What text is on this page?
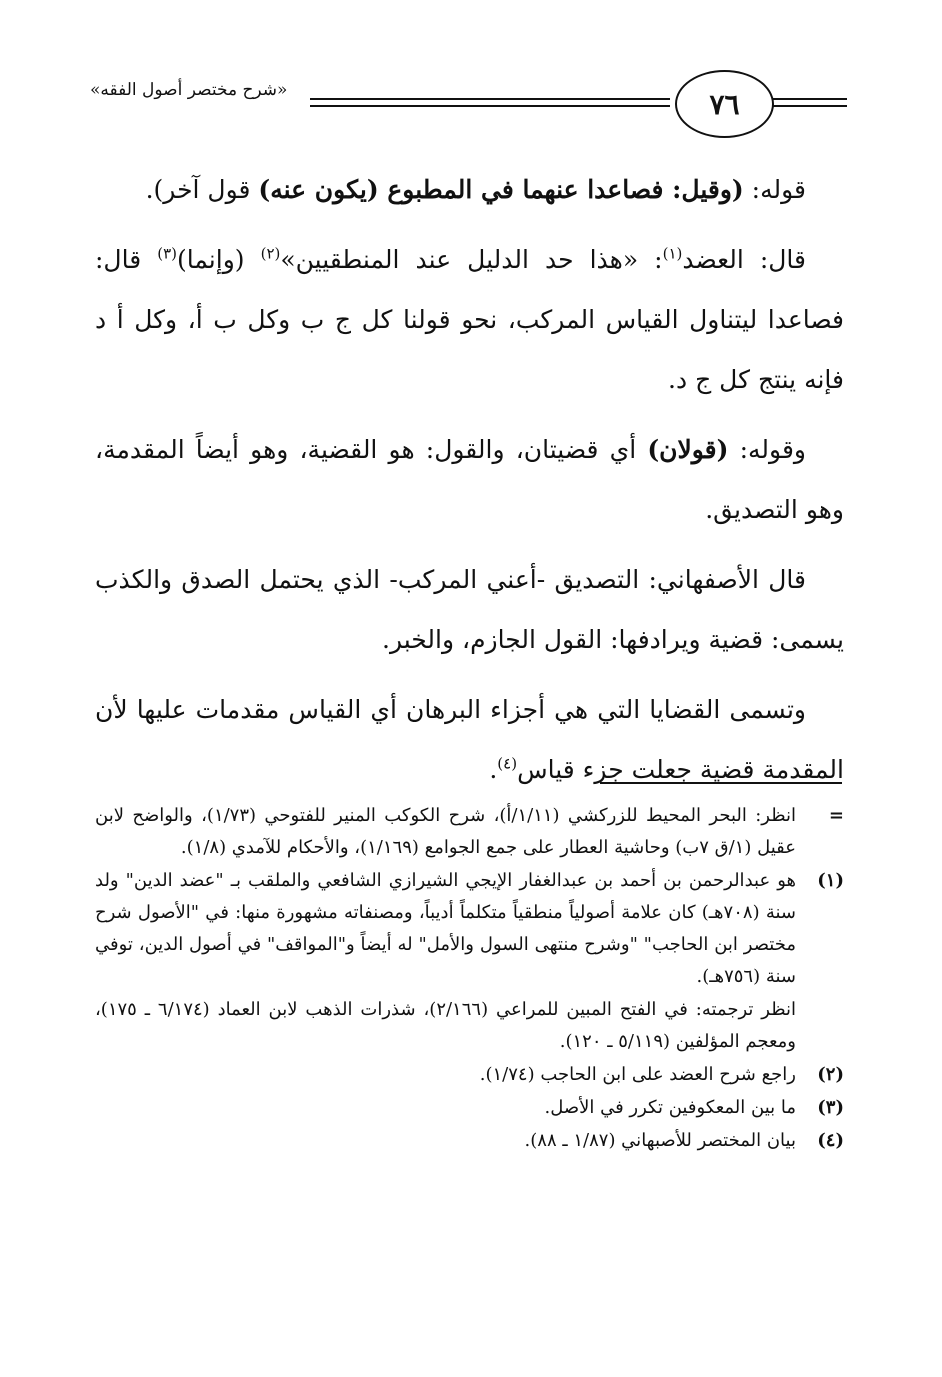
٧٦
«شرح مختصر أصول الفقه»

قوله: (وقيل: فصاعدا عنهما في المطبوع (يكون عنه) قول آخر).

قال: العضد$^{(١)}$: «هذا حد الدليل عند المنطقيين»$^{(٢)}$ (وإنما)$^{(٣)}$ قال: فصاعدا ليتناول القياس المركب، نحو قولنا كل ج ب وكل ب أ، وكل أ د فإنه ينتج كل ج د.

وقوله: (قولان) أي قضيتان، والقول: هو القضية، وهو أيضاً المقدمة، وهو التصديق.

قال الأصفهاني: التصديق -أعني المركب- الذي يحتمل الصدق والكذب يسمى: قضية ويرادفها: القول الجازم، والخبر.

وتسمى القضايا التي هي أجزاء البرهان أي القياس مقدمات عليها لأن المقدمة قضية جعلت جزء قياس$^{(٤)}$.

=
انظر: البحر المحيط للزركشي (١/١١/أ)، شرح الكوكب المنير للفتوحي (١/٧٣)، والواضح لابن عقيل (١/ق ٧ب) وحاشية العطار على جمع الجوامع (١/١٦٩)، والأحكام للآمدي (١/٨).
(١)
هو عبدالرحمن بن أحمد بن عبدالغفار الإيجي الشيرازي الشافعي والملقب بـ "عضد الدين" ولد سنة (٧٠٨هـ) كان علامة أصولياً منطقياً متكلماً أديباً، ومصنفاته مشهورة منها: في "الأصول شرح مختصر ابن الحاجب" "وشرح منتهى السول والأمل" له أيضاً و"المواقف" في أصول الدين، توفي سنة (٧٥٦هـ).
انظر ترجمته: في الفتح المبين للمراعي (٢/١٦٦)، شذرات الذهب لابن العماد (٦/١٧٤ ـ ١٧٥)، ومعجم المؤلفين (٥/١١٩ ـ ١٢٠).
(٢)
راجع شرح العضد على ابن الحاجب (١/٧٤).
(٣)
ما بين المعكوفين تكرر في الأصل.
(٤)
بيان المختصر للأصبهاني (١/٨٧ ـ ٨٨).
